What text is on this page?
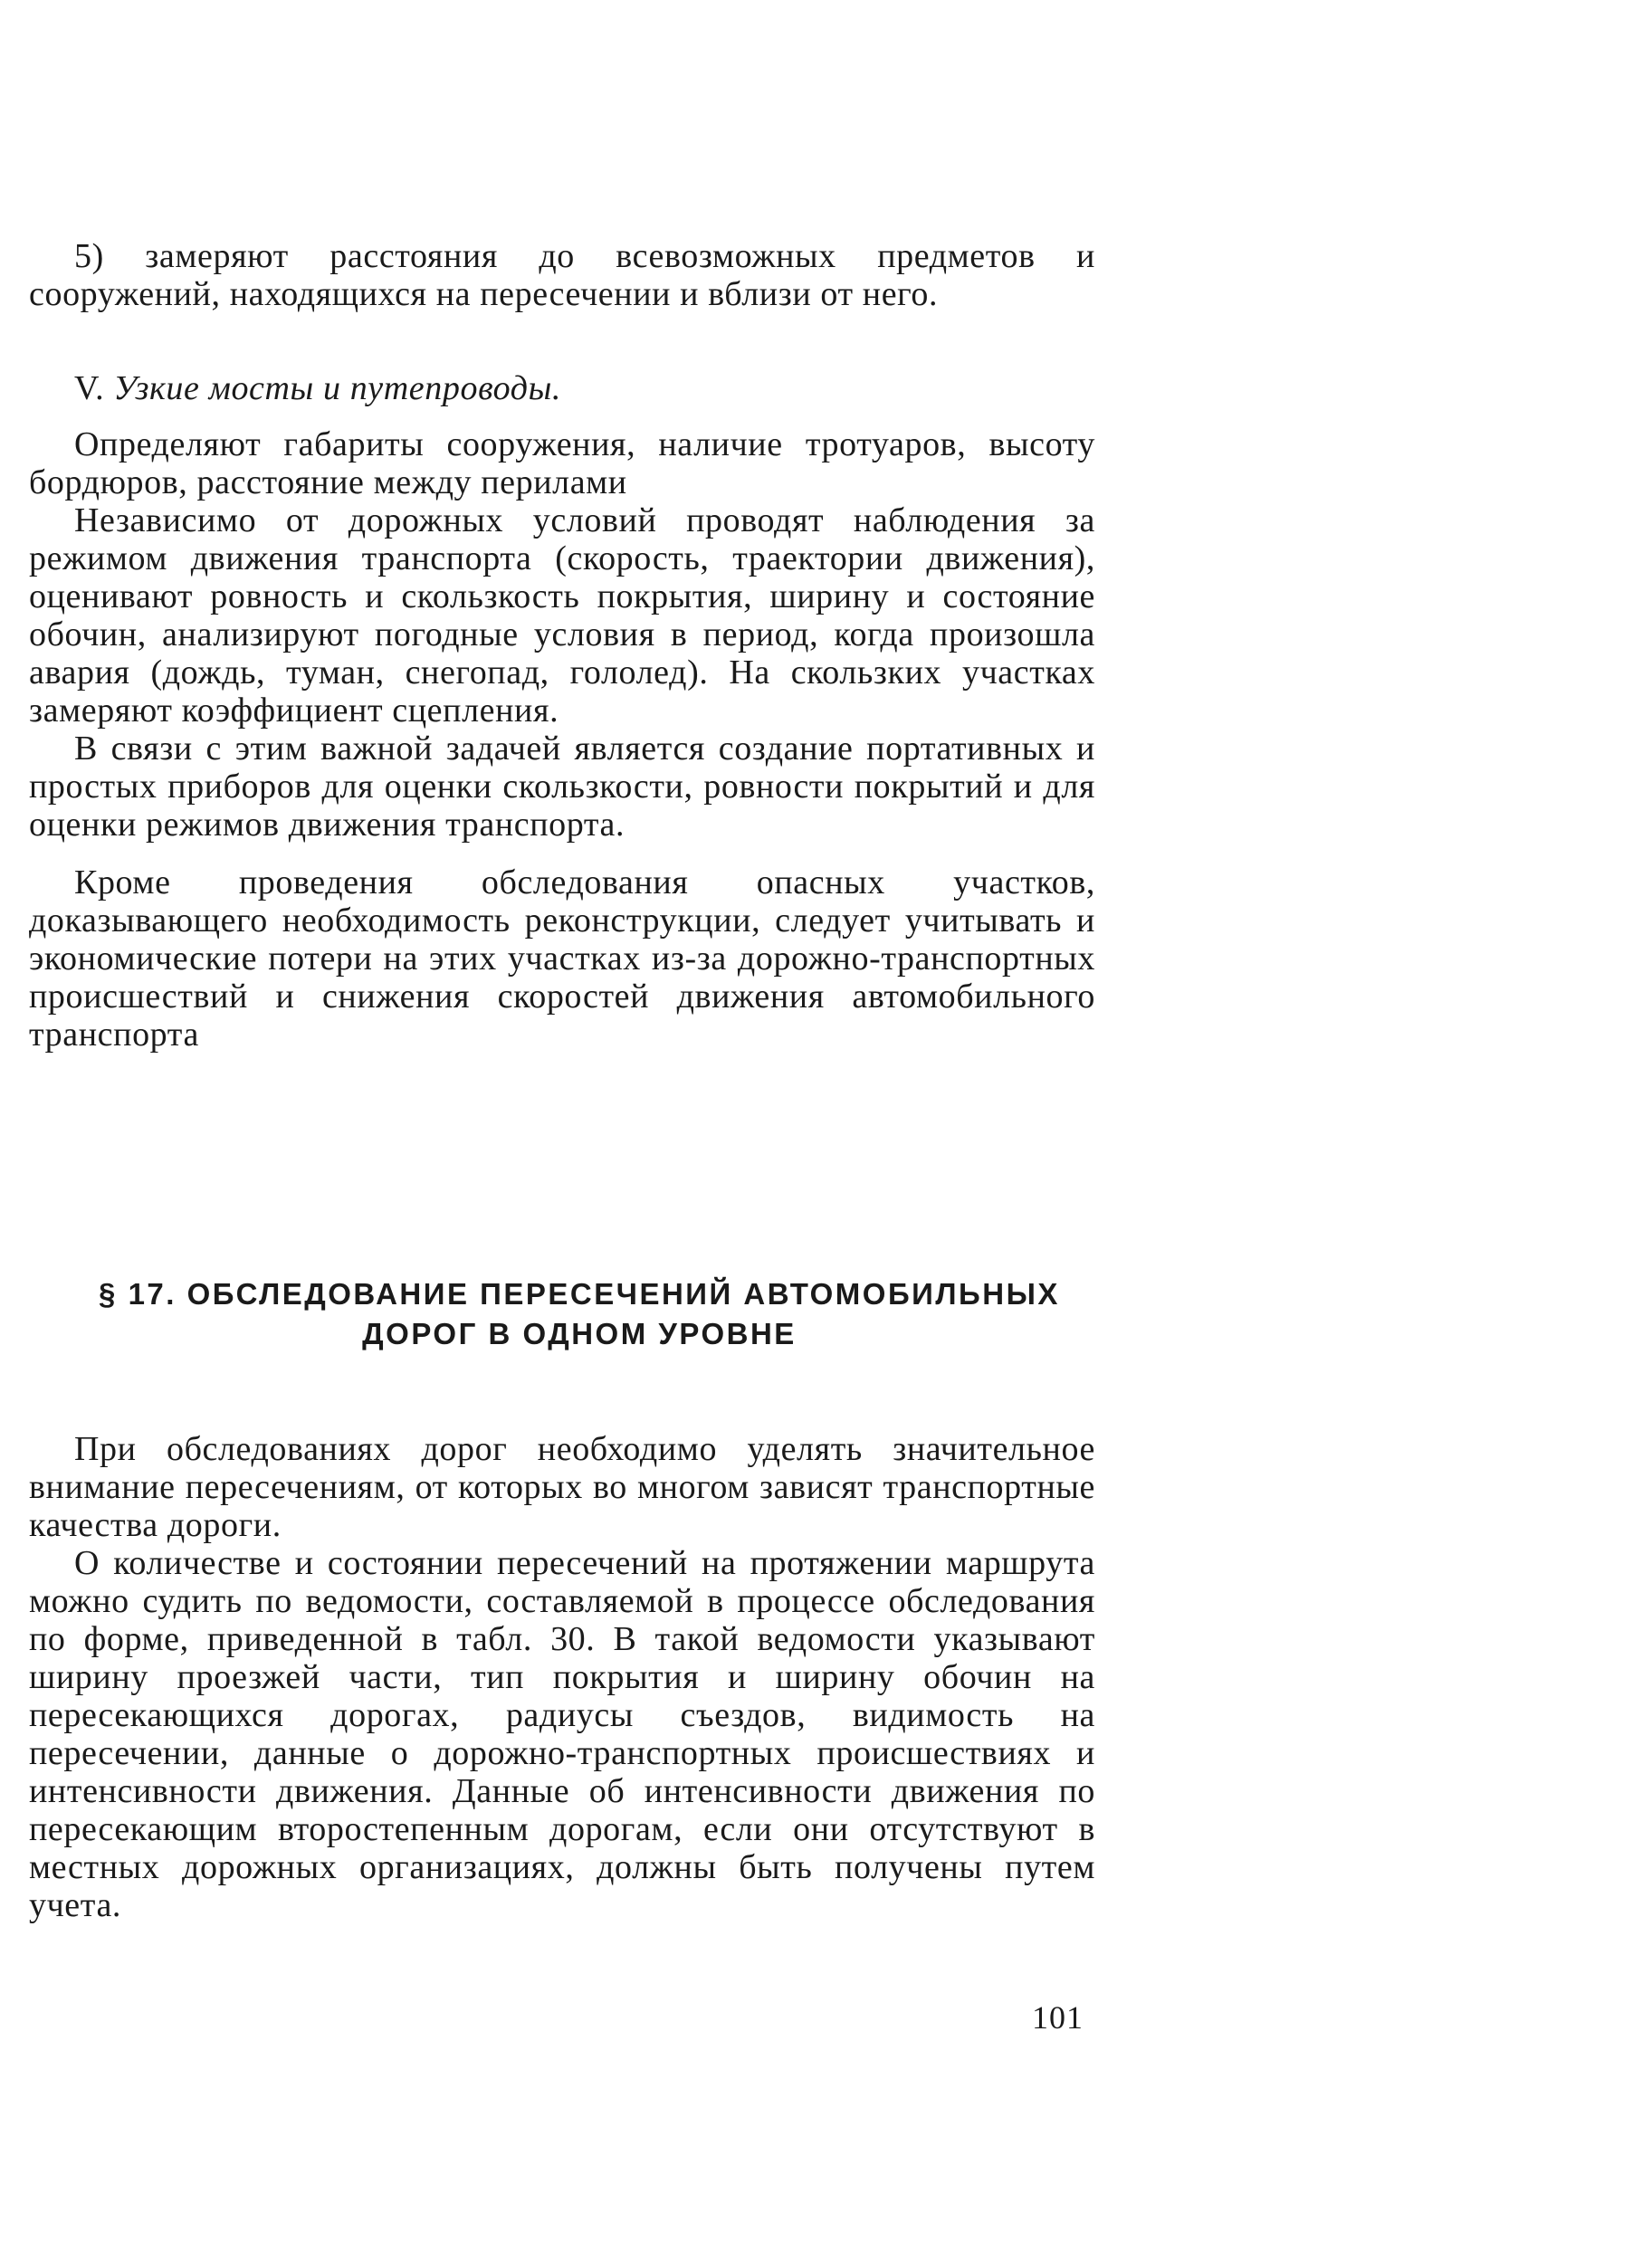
5) замеряют расстояния до всевозможных предметов и сооружений, находящихся на пересечении и вблизи от него.

V. Узкие мосты и путепроводы.

Определяют габариты сооружения, наличие тротуаров, высоту бордюров, расстояние между перилами

Независимо от дорожных условий проводят наблюдения за режимом движения транспорта (скорость, траектории движения), оценивают ровность и скользкость покрытия, ширину и состояние обочин, анализируют погодные условия в период, когда произошла авария (дождь, туман, снегопад, гололед). На скользких участках замеряют коэффициент сцепления.

В связи с этим важной задачей является создание портативных и простых приборов для оценки скользкости, ровности покрытий и для оценки режимов движения транспорта.

Кроме проведения обследования опасных участков, доказывающего необходимость реконструкции, следует учитывать и экономические потери на этих участках из-за дорожно-транспортных происшествий и снижения скоростей движения автомобильного транспорта

§ 17. ОБСЛЕДОВАНИЕ ПЕРЕСЕЧЕНИЙ АВТОМОБИЛЬНЫХ
ДОРОГ В ОДНОМ УРОВНЕ

При обследованиях дорог необходимо уделять значительное внимание пересечениям, от которых во многом зависят транспортные качества дороги.

О количестве и состоянии пересечений на протяжении маршрута можно судить по ведомости, составляемой в процессе обследования по форме, приведенной в табл. 30. В такой ведомости указывают ширину проезжей части, тип покрытия и ширину обочин на пересекающихся дорогах, радиусы съездов, видимость на пересечении, данные о дорожно-транспортных происшествиях и интенсивности движения. Данные об интенсивности движения по пересекающим второстепенным дорогам, если они отсутствуют в местных дорожных организациях, должны быть получены путем учета.

101
